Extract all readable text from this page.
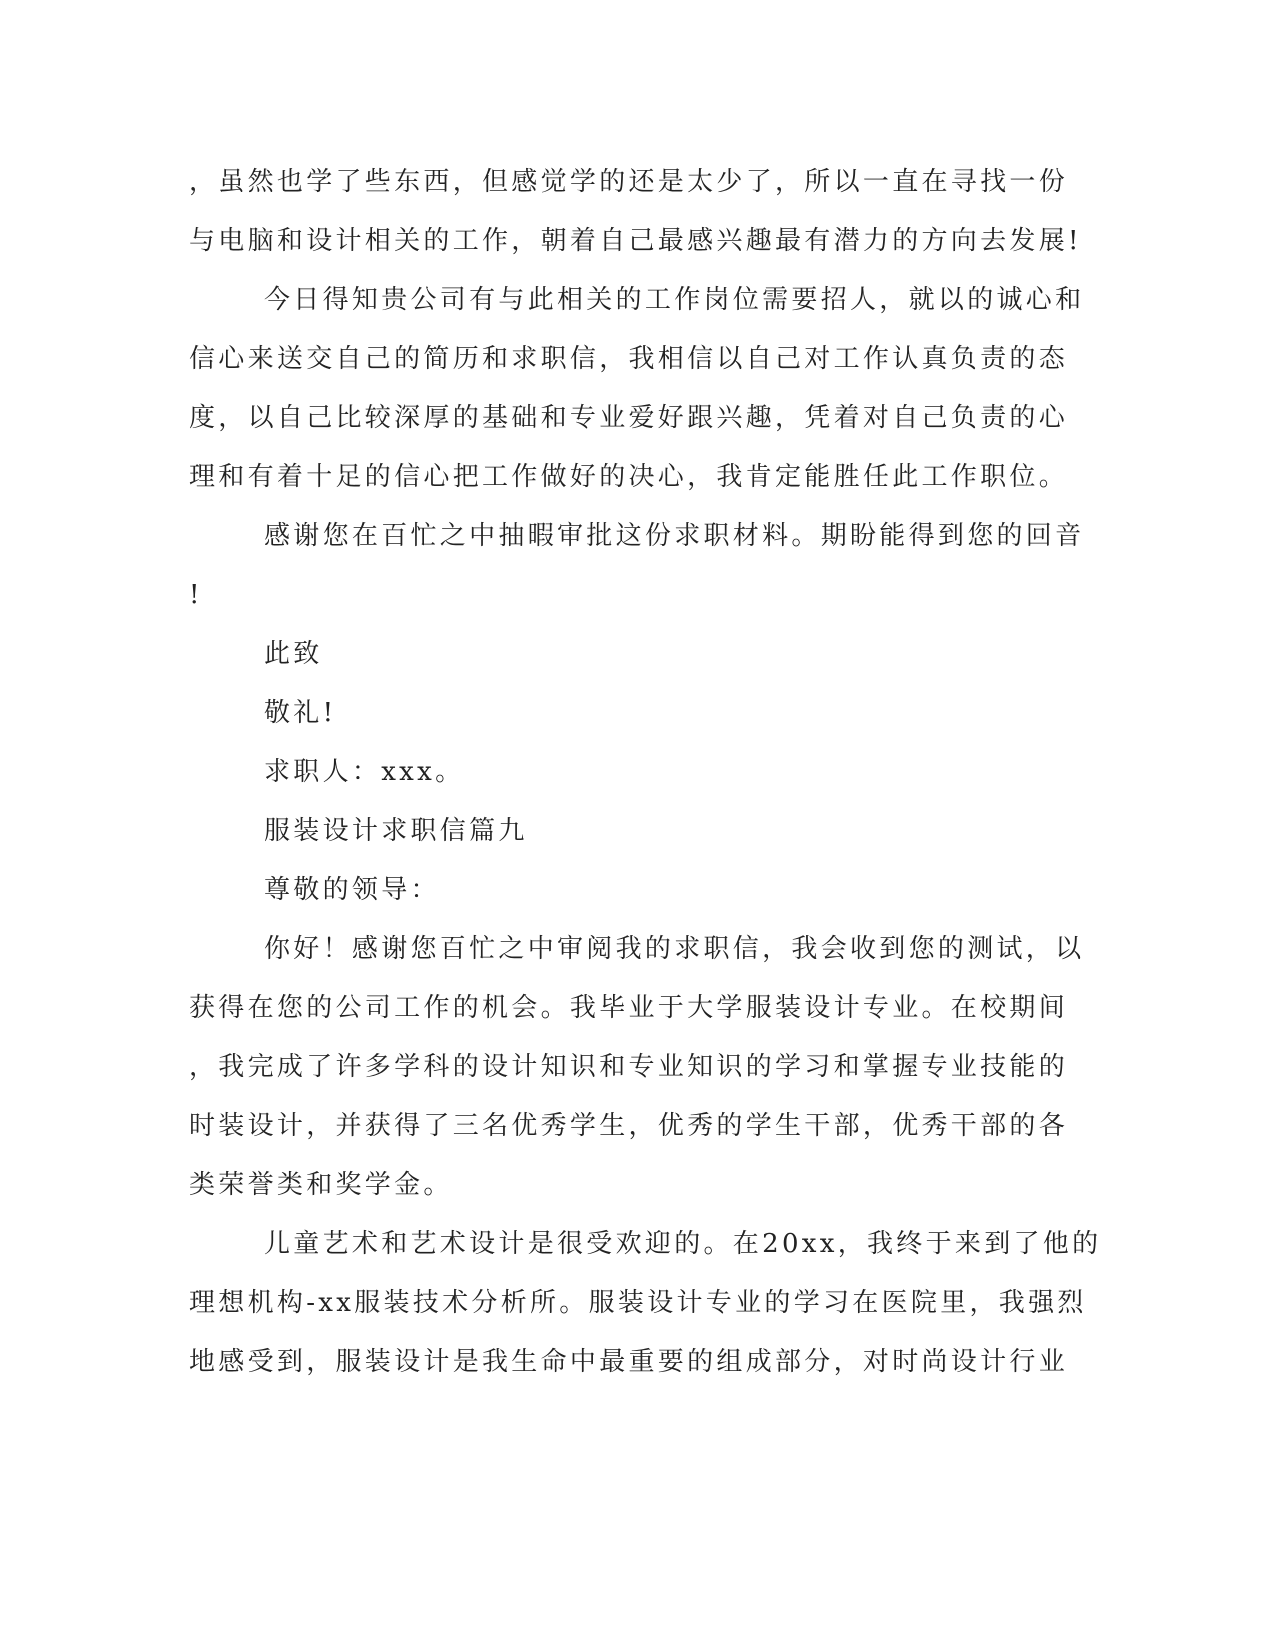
，虽然也学了些东西，但感觉学的还是太少了，所以一直在寻找一份
与电脑和设计相关的工作，朝着自己最感兴趣最有潜力的方向去发展!
今日得知贵公司有与此相关的工作岗位需要招人，就以的诚心和
信心来送交自己的简历和求职信，我相信以自己对工作认真负责的态
度，以自己比较深厚的基础和专业爱好跟兴趣，凭着对自己负责的心
理和有着十足的信心把工作做好的决心，我肯定能胜任此工作职位。
感谢您在百忙之中抽暇审批这份求职材料。期盼能得到您的回音
!
此致
敬礼!
求职人：xxx。
服装设计求职信篇九
尊敬的领导：
你好！感谢您百忙之中审阅我的求职信，我会收到您的测试，以
获得在您的公司工作的机会。我毕业于大学服装设计专业。在校期间
，我完成了许多学科的设计知识和专业知识的学习和掌握专业技能的
时装设计，并获得了三名优秀学生，优秀的学生干部，优秀干部的各
类荣誉类和奖学金。
儿童艺术和艺术设计是很受欢迎的。在20xx，我终于来到了他的
理想机构-xx服装技术分析所。服装设计专业的学习在医院里，我强烈
地感受到，服装设计是我生命中最重要的组成部分，对时尚设计行业
